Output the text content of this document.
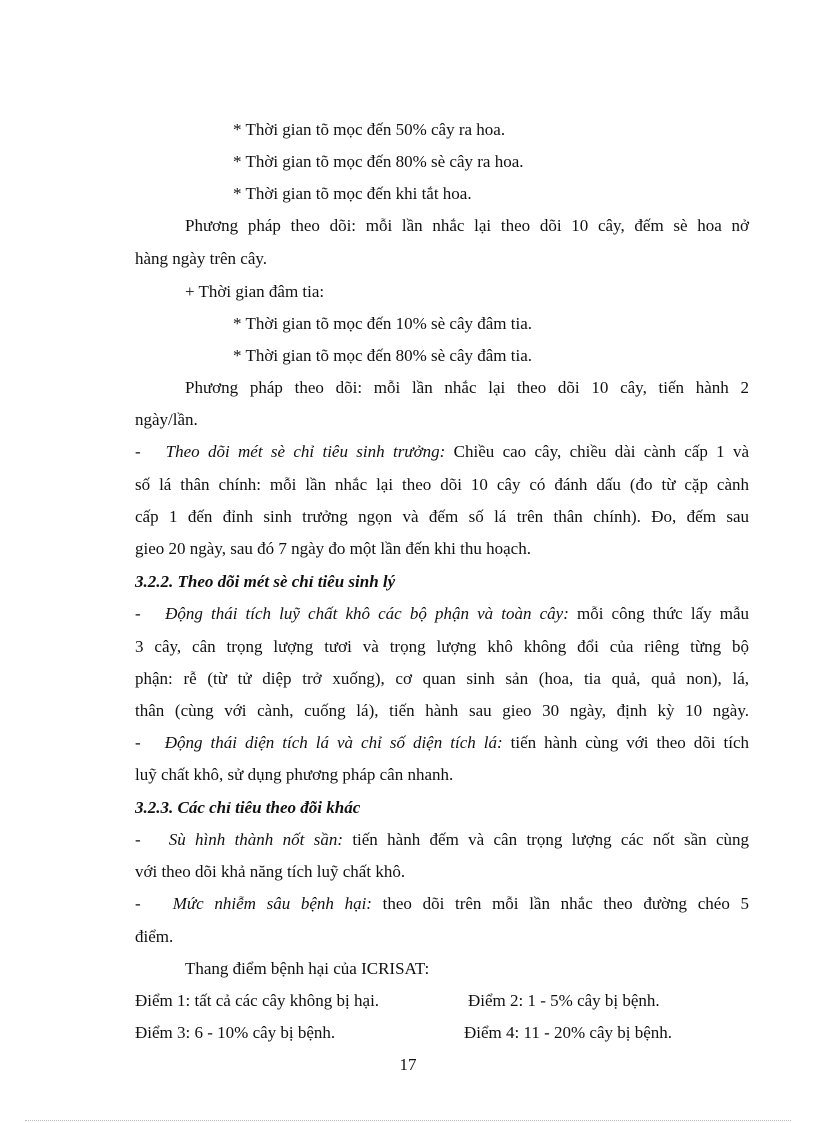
* Thời gian tõ mọc đến 50% cây ra hoa.
* Thời gian tõ mọc đến 80% sè cây ra hoa.
* Thời gian tõ mọc đến khi tắt hoa.
Phương pháp theo dõi: mỗi lần nhắc lại theo dõi 10 cây, đếm sè hoa nở
hàng ngày trên cây.
+ Thời gian đâm tia:
* Thời gian tõ mọc đến 10% sè cây đâm tia.
* Thời gian tõ mọc đến 80% sè cây đâm tia.
Phương pháp theo dõi: mỗi lần nhắc lại theo dõi 10 cây, tiến hành 2
ngày/lần.
- Theo dõi mét sè chỉ tiêu sinh trưởng: Chiều cao cây, chiều dài cành cấp 1 và
số lá thân chính: mỗi lần nhắc lại theo dõi 10 cây có đánh dấu (đo từ cặp cành
cấp 1 đến đỉnh sinh trưởng ngọn và đếm số lá trên thân chính). Đo, đếm sau
gieo 20 ngày, sau đó 7 ngày đo một lần đến khi thu hoạch.
3.2.2. Theo dõi mét sè chỉ tiêu sinh lý
- Động thái tích luỹ chất khô các bộ phận và toàn cây: mỗi công thức lấy mẫu
3 cây, cân trọng lượng tươi và trọng lượng khô không đổi của riêng từng bộ
phận: rễ (từ tử diệp trở xuống), cơ quan sinh sản (hoa, tia quả, quả non), lá,
thân (cùng với cành, cuống lá), tiến hành sau gieo 30 ngày, định kỳ 10 ngày.
- Động thái diện tích lá và chỉ số diện tích lá: tiến hành cùng với theo dõi tích
luỹ chất khô, sử dụng phương pháp cân nhanh.
3.2.3. Các chỉ tiêu theo đõi khác
- Sù hình thành nốt sần: tiến hành đếm và cân trọng lượng các nốt sần cùng
với theo dõi khả năng tích luỹ chất khô.
- Mức nhiễm sâu bệnh hại: theo dõi trên mỗi lần nhắc theo đường chéo 5
điểm.
Thang điểm bệnh hại của ICRISAT:
Điểm 1: tất cả các cây không bị hại.	Điểm 2: 1 - 5% cây bị bệnh.
Điểm 3: 6 - 10% cây bị bệnh.	Điểm 4: 11 - 20% cây bị bệnh.
17
